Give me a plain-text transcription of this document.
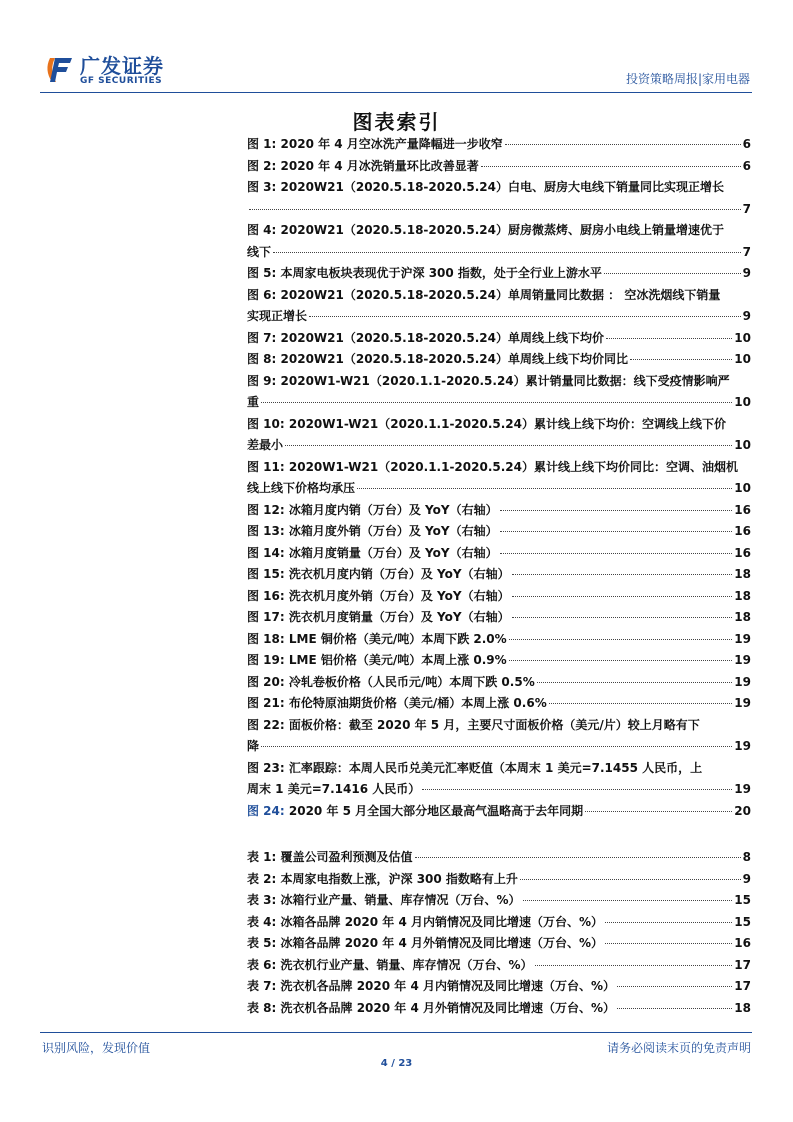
广发证券
GF SECURITIES	投资策略周报|家用电器
图表索引
图 1: 2020 年 4 月空冰洗产量降幅进一步收窄	6
图 2: 2020 年 4 月冰洗销量环比改善显著	6
图 3: 2020W21（2020.5.18-2020.5.24）白电、厨房大电线下销量同比实现正增长
7
图 4: 2020W21（2020.5.18-2020.5.24）厨房微蒸烤、厨房小电线上销量增速优于
线下	7
图 5: 本周家电板块表现优于沪深 300 指数，处于全行业上游水平	9
图 6: 2020W21（2020.5.18-2020.5.24）单周销量同比数据 ： 空冰洗烟线下销量
实现正增长	9
图 7: 2020W21（2020.5.18-2020.5.24）单周线上线下均价	10
图 8: 2020W21（2020.5.18-2020.5.24）单周线上线下均价同比	10
图 9: 2020W1-W21（2020.1.1-2020.5.24）累计销量同比数据：线下受疫情影响严
重	10
图 10: 2020W1-W21（2020.1.1-2020.5.24）累计线上线下均价：空调线上线下价
差最小	10
图 11: 2020W1-W21（2020.1.1-2020.5.24）累计线上线下均价同比：空调、油烟机
线上线下价格均承压	10
图 12: 冰箱月度内销（万台）及 YoY（右轴）	16
图 13: 冰箱月度外销（万台）及 YoY（右轴）	16
图 14: 冰箱月度销量（万台）及 YoY（右轴）	16
图 15: 洗衣机月度内销（万台）及 YoY（右轴）	18
图 16: 洗衣机月度外销（万台）及 YoY（右轴）	18
图 17: 洗衣机月度销量（万台）及 YoY（右轴）	18
图 18: LME 铜价格（美元/吨）本周下跌 2.0%	19
图 19: LME 铝价格（美元/吨）本周上涨 0.9%	19
图 20: 冷轧卷板价格（人民币元/吨）本周下跌 0.5%	19
图 21: 布伦特原油期货价格（美元/桶）本周上涨 0.6%	19
图 22: 面板价格：截至 2020 年 5 月，主要尺寸面板价格（美元/片）较上月略有下
降	19
图 23: 汇率跟踪：本周人民币兑美元汇率贬值（本周末 1 美元=7.1455 人民币，上
周末 1 美元=7.1416 人民币）	19
图 24: 2020 年 5 月全国大部分地区最高气温略高于去年同期	20
表 1: 覆盖公司盈利预测及估值	8
表 2: 本周家电指数上涨，沪深 300 指数略有上升	9
表 3: 冰箱行业产量、销量、库存情况（万台、%）	15
表 4: 冰箱各品牌 2020 年 4 月内销情况及同比增速（万台、%）	15
表 5: 冰箱各品牌 2020 年 4 月外销情况及同比增速（万台、%）	16
表 6: 洗衣机行业产量、销量、库存情况（万台、%）	17
表 7: 洗衣机各品牌 2020 年 4 月内销情况及同比增速（万台、%）	17
表 8: 洗衣机各品牌 2020 年 4 月外销情况及同比增速（万台、%）	18
识别风险，发现价值	请务必阅读末页的免责声明
4 / 23
